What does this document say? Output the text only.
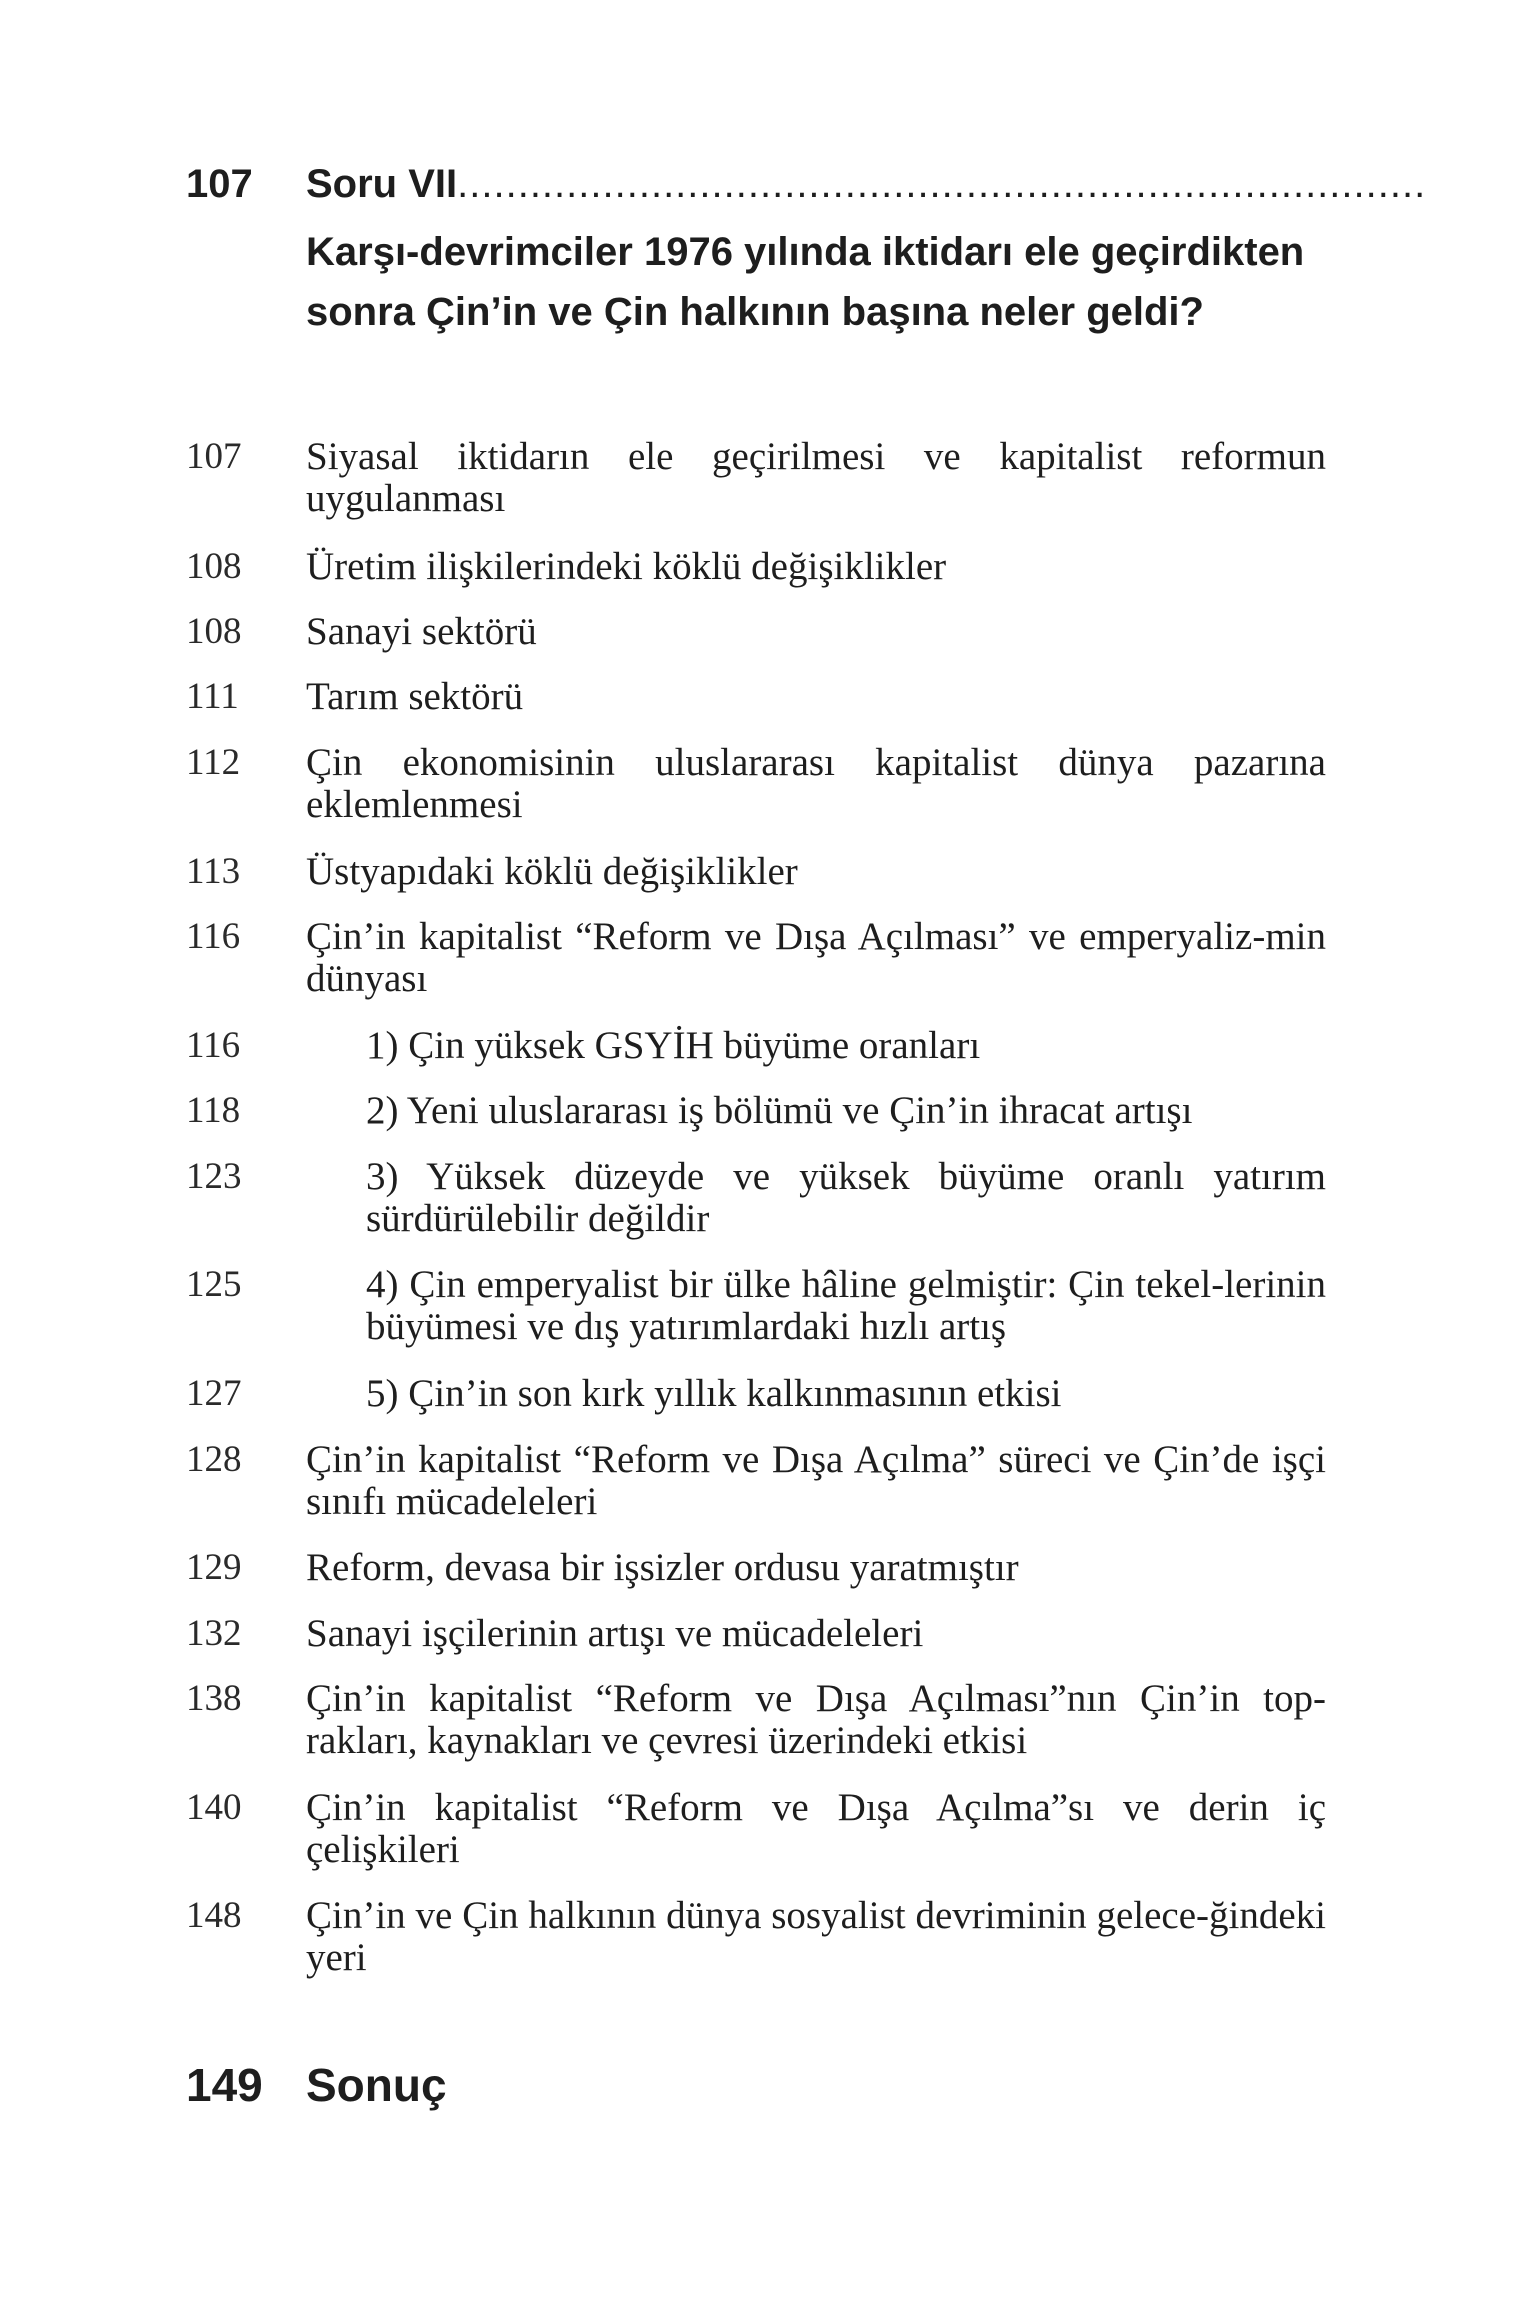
107 Soru VII................................................................................
Karşı-devrimciler 1976 yılında iktidarı ele geçirdikten sonra Çin’in ve Çin halkının başına neler geldi?
107 Siyasal iktidarın ele geçirilmesi ve kapitalist reformun uygulanması
108 Üretim ilişkilerindeki köklü değişiklikler
108 Sanayi sektörü
111 Tarım sektörü
112 Çin ekonomisinin uluslararası kapitalist dünya pazarına eklemlenmesi
113 Üstyapıdaki köklü değişiklikler
116 Çin’in kapitalist “Reform ve Dışa Açılması” ve emperyaliz-min dünyası
116	1) Çin yüksek GSYİH büyüme oranları
118	2) Yeni uluslararası iş bölümü ve Çin’in ihracat artışı
123	3) Yüksek düzeyde ve yüksek büyüme oranlı yatırım sürdürülebilir değildir
125	4) Çin emperyalist bir ülke hâline gelmiştir: Çin tekel-lerinin büyümesi ve dış yatırımlardaki hızlı artış
127	5) Çin’in son kırk yıllık kalkınmasının etkisi
128 Çin’in kapitalist “Reform ve Dışa Açılma” süreci ve Çin’de işçi sınıfı mücadeleleri
129 Reform, devasa bir işsizler ordusu yaratmıştır
132 Sanayi işçilerinin artışı ve mücadeleleri
138 Çin’in kapitalist “Reform ve Dışa Açılması”nın Çin’in top-rakları, kaynakları ve çevresi üzerindeki etkisi
140 Çin’in kapitalist “Reform ve Dışa Açılma”sı ve derin iç çelişkileri
148 Çin’in ve Çin halkının dünya sosyalist devriminin gelece-ğindeki yeri
149 Sonuç
